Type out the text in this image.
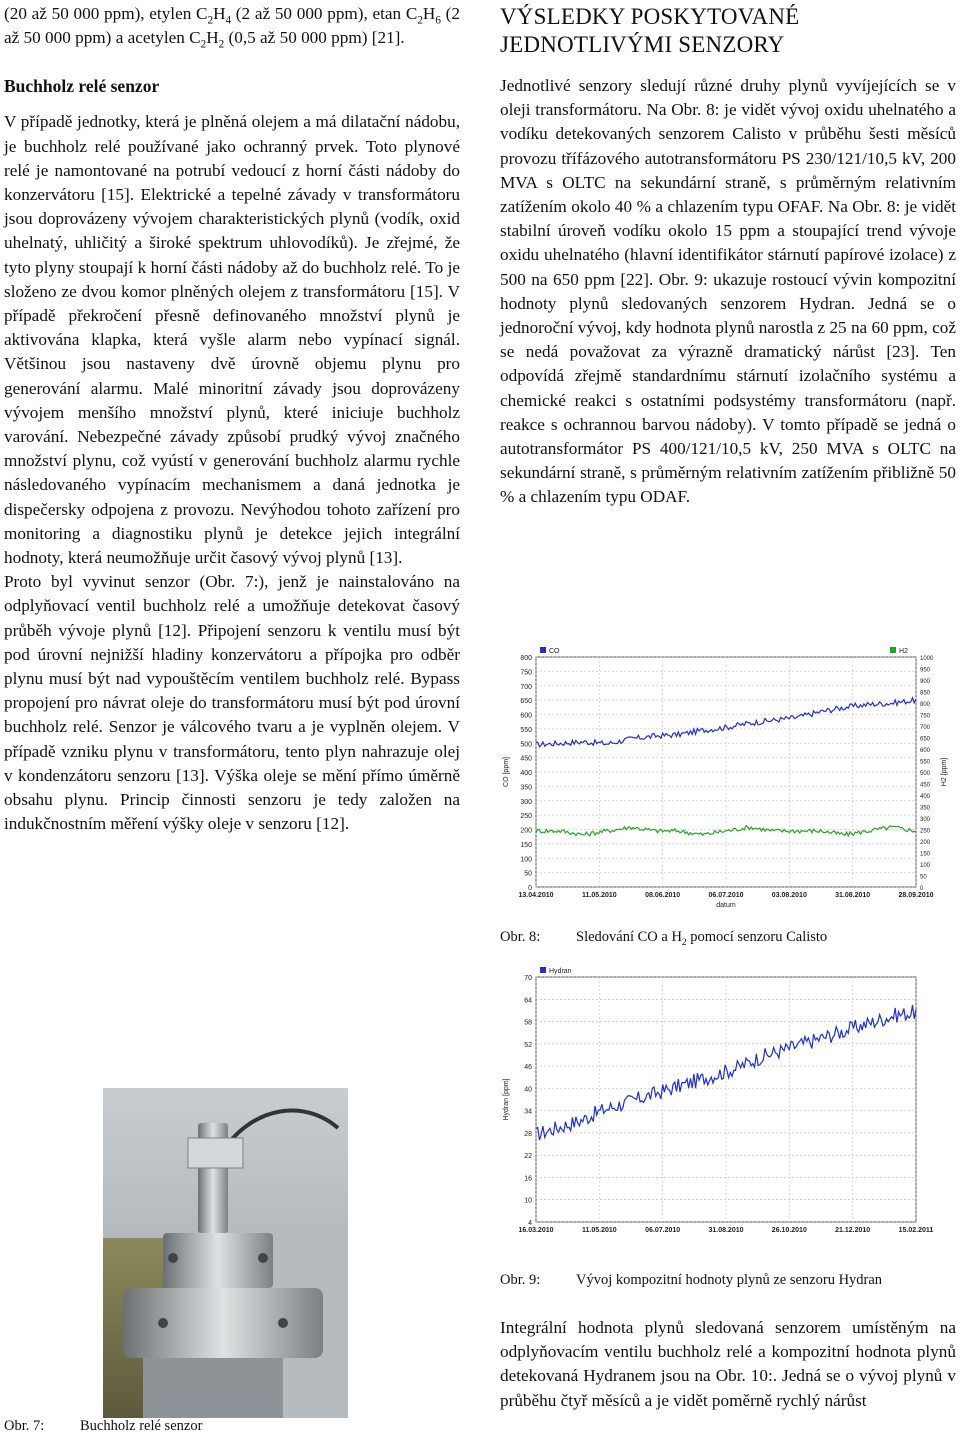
(20 až 50 000 ppm), etylen $C_2H_4$ (2 až 50 000 ppm), etan $C_2H_6$ (2 až 50 000 ppm) a acetylen $C_2H_2$ (0,5 až 50 000 ppm) [21].

Buchholz relé senzor

V případě jednotky, která je plněná olejem a má dilatační nádobu, je buchholz relé používané jako ochranný prvek. Toto plynové relé je namontované na potrubí vedoucí z horní části nádoby do konzervátoru [15]. Elektrické a tepelné závady v transformátoru jsou doprovázeny vývojem charakteristických plynů (vodík, oxid uhelnatý, uhličitý a široké spektrum uhlovodíků). Je zřejmé, že tyto plyny stoupají k horní části nádoby až do buchholz relé. To je složeno ze dvou komor plněných olejem z transformátoru [15]. V případě překročení přesně definovaného množství plynů je aktivována klapka, která vyšle alarm nebo vypínací signál. Většinou jsou nastaveny dvě úrovně objemu plynu pro generování alarmu. Malé minoritní závady jsou doprovázeny vývojem menšího množství plynů, které iniciuje buchholz varování. Nebezpečné závady způsobí prudký vývoj značného množství plynu, což vyústí v generování buchholz alarmu rychle následovaného vypínacím mechanismem a daná jednotka je dispečersky odpojena z provozu. Nevýhodou tohoto zařízení pro monitoring a diagnostiku plynů je detekce jejich integrální hodnoty, která neumožňuje určit časový vývoj plynů [13].

Proto byl vyvinut senzor (Obr. 7:), jenž je nainstalováno na odplyňovací ventil buchholz relé a umožňuje detekovat časový průběh vývoje plynů [12]. Připojení senzoru k ventilu musí být pod úrovní nejnižší hladiny konzervátoru a přípojka pro odběr plynu musí být nad vypouštěcím ventilem buchholz relé. Bypass propojení pro návrat oleje do transformátoru musí být pod úrovní buchholz relé. Senzor je válcového tvaru a je vyplněn olejem. V případě vzniku plynu v transformátoru, tento plyn nahrazuje olej v kondenzátoru senzoru [13]. Výška oleje se mění přímo úměrně obsahu plynu. Princip činnosti senzoru je tedy založen na indukčnostním měření výšky oleje v senzoru [12].

Obr. 7:	Buchholz relé senzor
VÝSLEDKY POSKYTOVANÉ JEDNOTLIVÝMI SENZORY

Jednotlivé senzory sledují různé druhy plynů vyvíjejících se v oleji transformátoru. Na Obr. 8: je vidět vývoj oxidu uhelnatého a vodíku detekovaných senzorem Calisto v průběhu šesti měsíců provozu třífázového autotransformátoru PS 230/121/10,5 kV, 200 MVA s OLTC na sekundární straně, s průměrným relativním zatížením okolo 40 % a chlazením typu OFAF. Na Obr. 8: je vidět stabilní úroveň vodíku okolo 15 ppm a stoupající trend vývoje oxidu uhelnatého (hlavní identifikátor stárnutí papírové izolace) z 500 na 650 ppm [22]. Obr. 9: ukazuje rostoucí vývin kompozitní hodnoty plynů sledovaných senzorem Hydran. Jedná se o jednoroční vývoj, kdy hodnota plynů narostla z 25 na 60 ppm, což se nedá považovat za výrazně dramatický nárůst [23]. Ten odpovídá zřejmě standardnímu stárnutí izolačního systému a chemické reakci s ostatními podsystémy transformátoru (např. reakce s ochrannou barvou nádoby). V tomto případě se jedná o autotransformátor PS 400/121/10,5 kV, 250 MVA s OLTC na sekundární straně, s průměrným relativním zatížením přibližně 50 % a chlazením typu ODAF.

800
750
700
650
600
550
500
450
400
350
300
250
200
150
100
50
0
1000
950
900
850
800
750
700
650
600
550
500
450
400
350
300
250
200
150
100
50
0
13.04.2010	11.05.2010	08.06.2010	06.07.2010	03.08.2010	31.08.2010	28.09.2010
CO [ppm]	H2 [ppm]
datum
CO	H2
Obr. 8:	Sledování CO a $H_2$ pomocí senzoru Calisto
70
64
58
52
46
40
34
28
22
16
10
4
16.03.2010	11.05.2010	06.07.2010	31.08.2010	26.10.2010	21.12.2010	15.02.2011
Hydran [ppm]
Hydran
Obr. 9:	Vývoj kompozitní hodnoty plynů ze senzoru Hydran

Integrální hodnota plynů sledovaná senzorem umístěným na odplyňovacím ventilu buchholz relé a kompozitní hodnota plynů detekovaná Hydranem jsou na Obr. 10:. Jedná se o vývoj plynů v průběhu čtyř měsíců a je vidět poměrně rychlý nárůst
